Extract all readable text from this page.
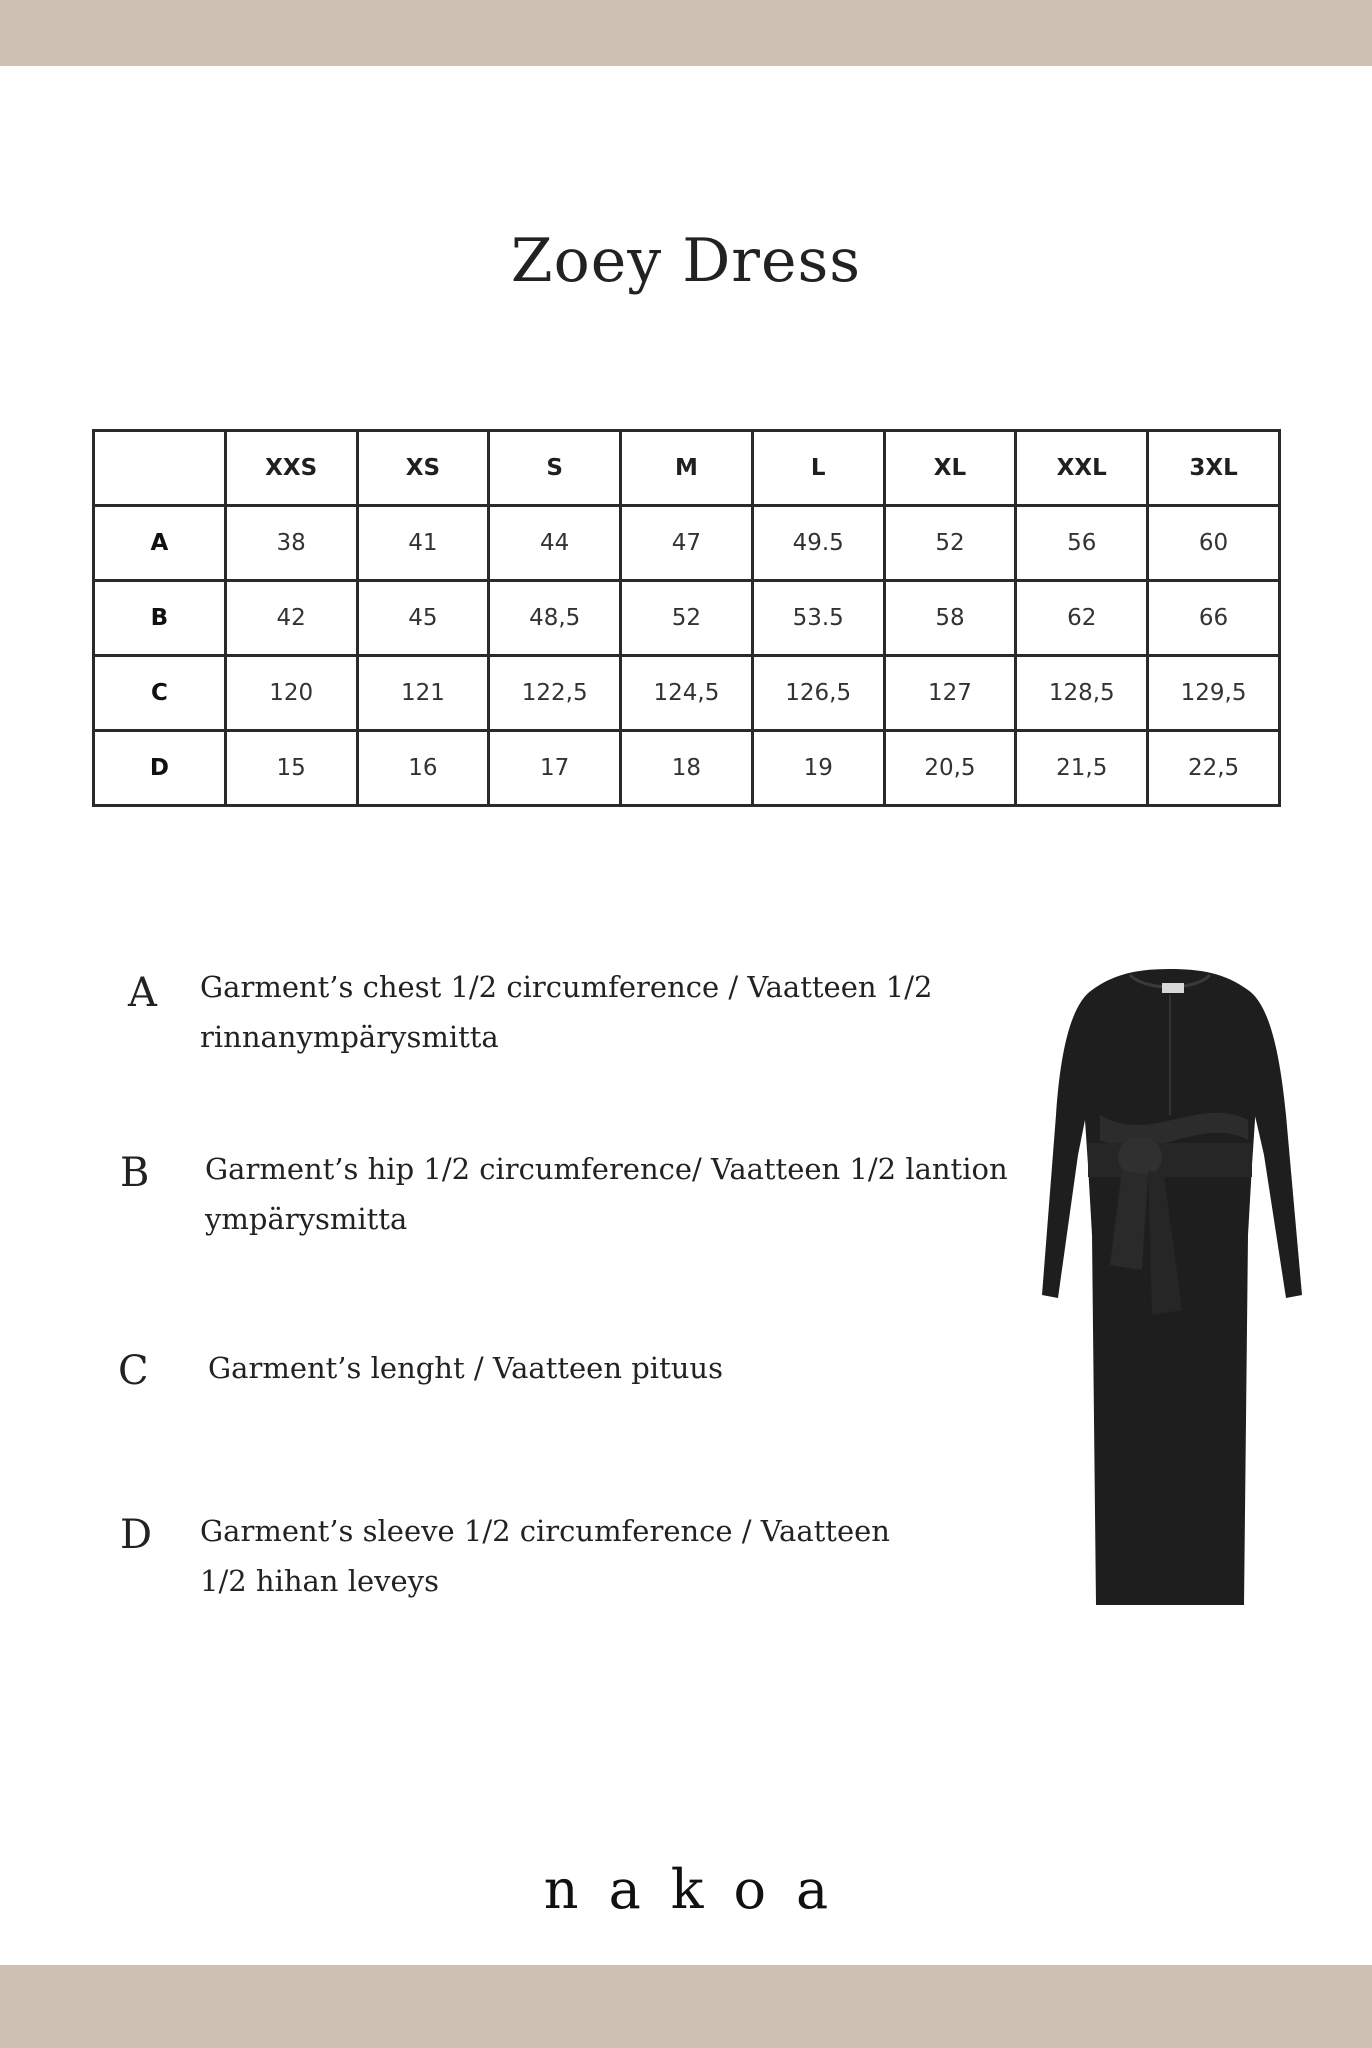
Zoey Dress
	XXS	XS	S	M	L	XL	XXL	3XL
A	38	41	44	47	49.5	52	56	60
B	42	45	48,5	52	53.5	58	62	66
C	120	121	122,5	124,5	126,5	127	128,5	129,5
D	15	16	17	18	19	20,5	21,5	22,5
A Garment’s chest 1/2 circumference / Vaatteen 1/2
rinnanympärysmitta
B Garment’s hip 1/2 circumference/ Vaatteen 1/2 lantion
ympärysmitta
C Garment’s lenght / Vaatteen pituus
D Garment’s sleeve 1/2 circumference / Vaatteen
1/2 hihan leveys
nakoa
